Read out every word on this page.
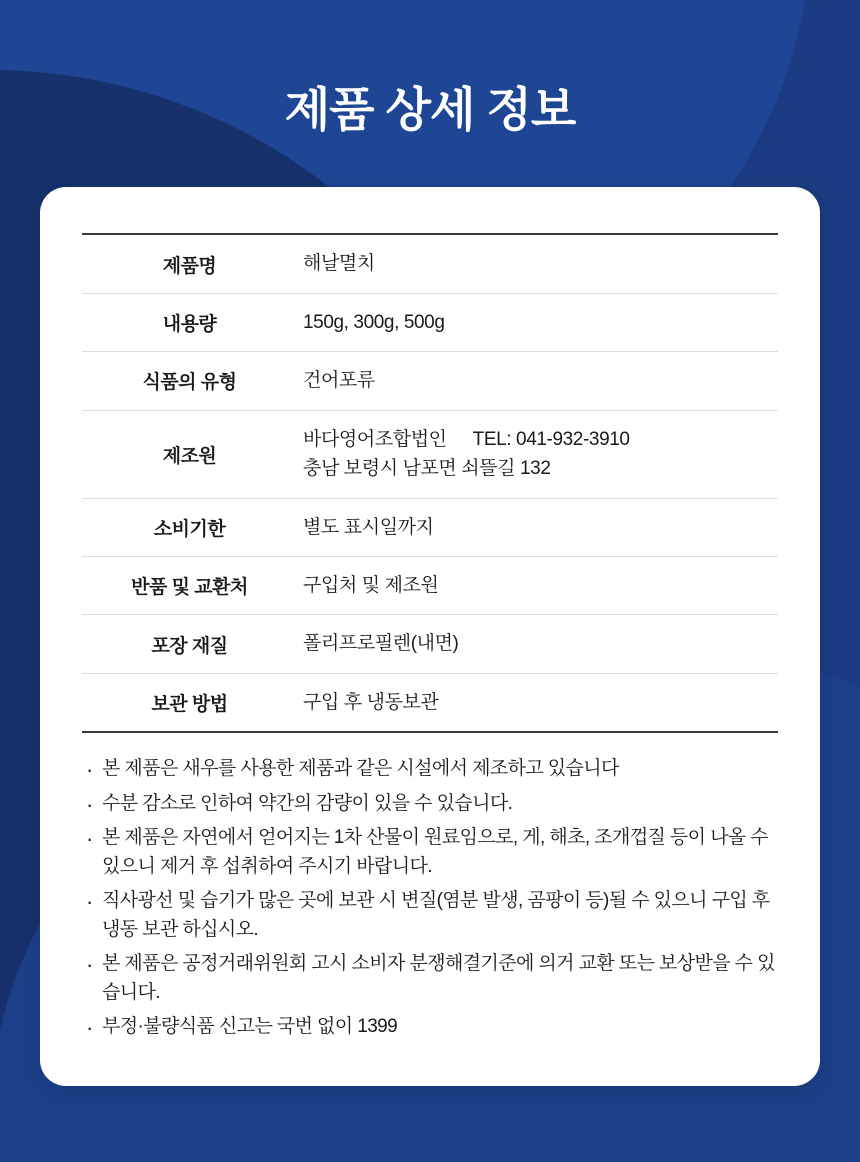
제품 상세 정보
제품명	해날멸치
내용량	150g, 300g, 500g
식품의 유형	건어포류
제조원	바다영어조합법인 TEL: 041-932-3910
충남 보령시 남포면 쇠뜰길 132
소비기한	별도 표시일까지
반품 및 교환처	구입처 및 제조원
포장 재질	폴리프로필렌(내면)
보관 방법	구입 후 냉동보관
· 본 제품은 새우를 사용한 제품과 같은 시설에서 제조하고 있습니다
· 수분 감소로 인하여 약간의 감량이 있을 수 있습니다.
· 본 제품은 자연에서 얻어지는 1차 산물이 원료임으로, 게, 해초, 조개껍질 등이 나올 수 있으니 제거 후 섭취하여 주시기 바랍니다.
· 직사광선 및 습기가 많은 곳에 보관 시 변질(염분 발생, 곰팡이 등)될 수 있으니 구입 후 냉동 보관 하십시오.
· 본 제품은 공정거래위원회 고시 소비자 분쟁해결기준에 의거 교환 또는 보상받을 수 있습니다.
· 부정·불량식품 신고는 국번 없이 1399
